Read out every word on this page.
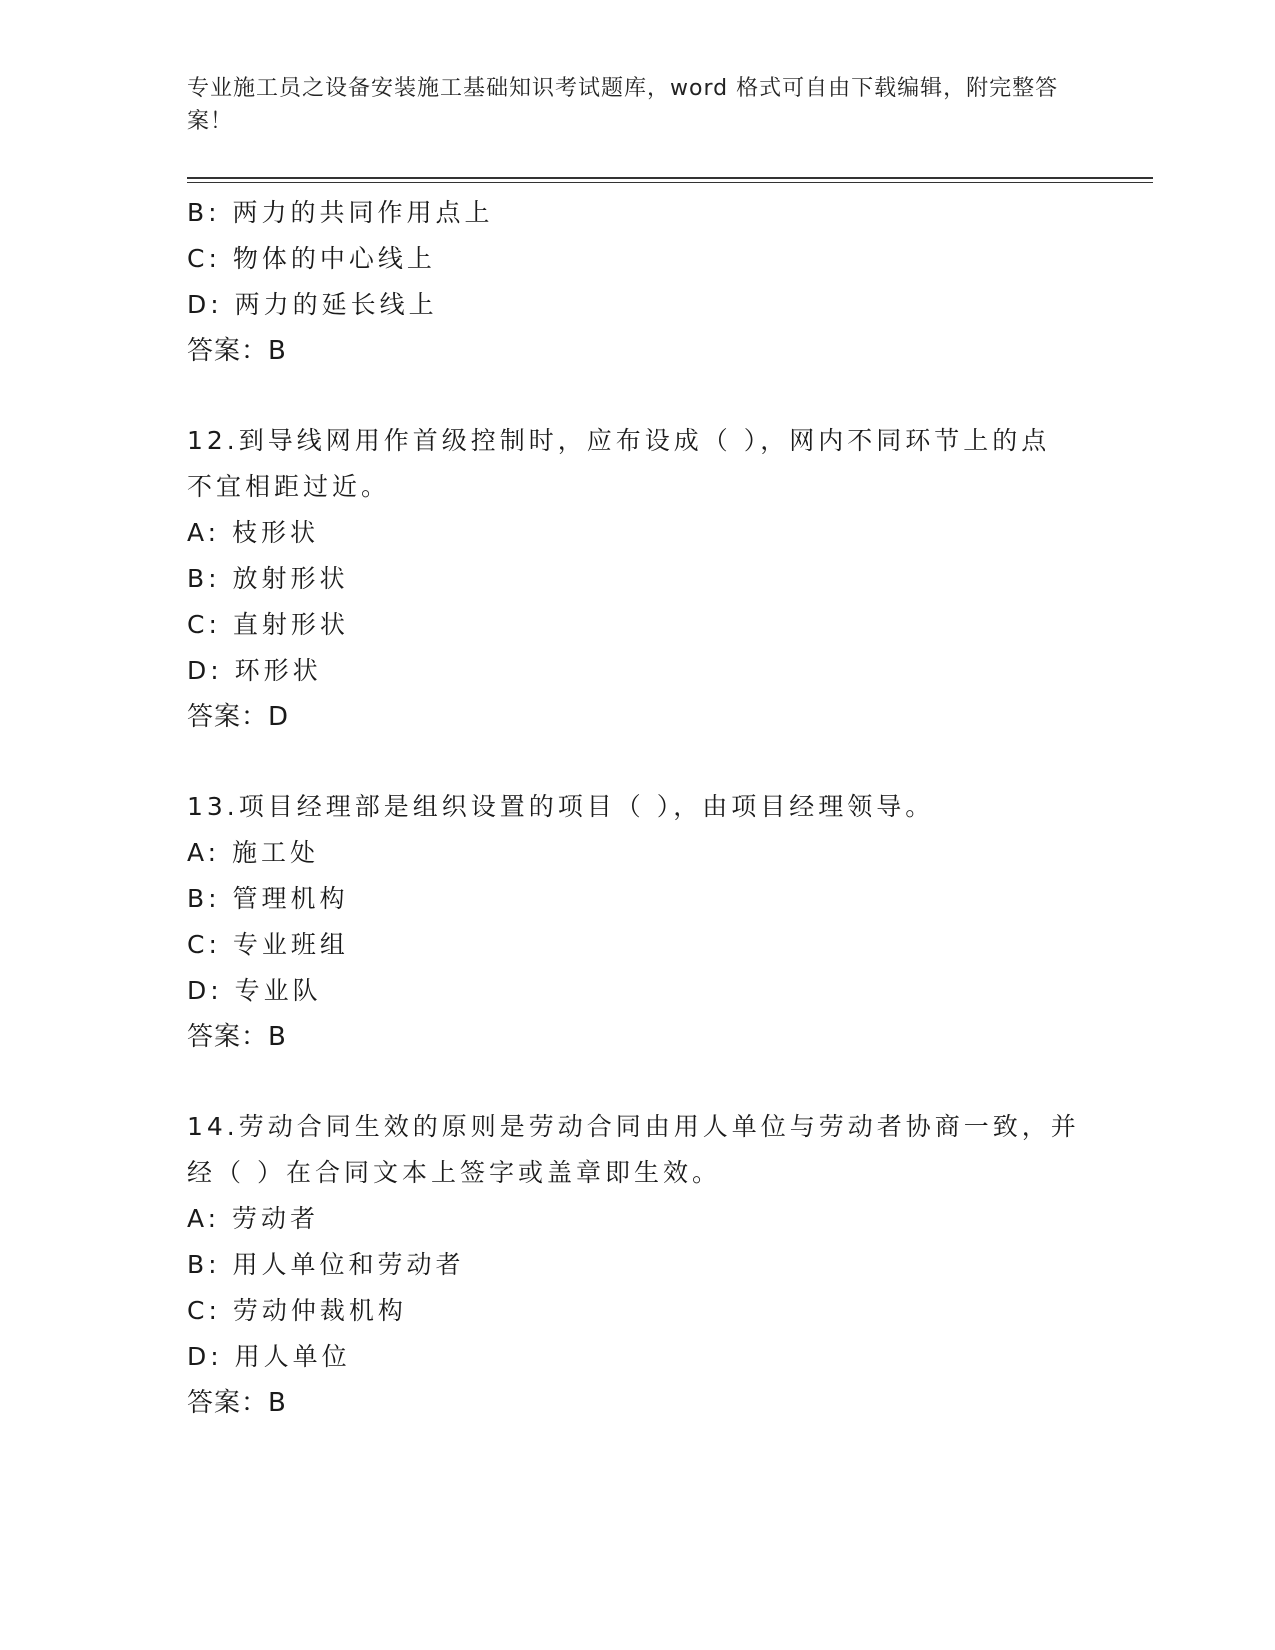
专业施工员之设备安装施工基础知识考试题库，word 格式可自由下载编辑，附完整答案！
B: 两力的共同作用点上
C: 物体的中心线上
D: 两力的延长线上
答案：B
12.到导线网用作首级控制时，应布设成（ ），网内不同环节上的点
不宜相距过近。
A: 枝形状
B: 放射形状
C: 直射形状
D: 环形状
答案：D
13.项目经理部是组织设置的项目（ ），由项目经理领导。
A: 施工处
B: 管理机构
C: 专业班组
D: 专业队
答案：B
14.劳动合同生效的原则是劳动合同由用人单位与劳动者协商一致，并
经（ ）在合同文本上签字或盖章即生效。
A: 劳动者
B: 用人单位和劳动者
C: 劳动仲裁机构
D: 用人单位
答案：B
